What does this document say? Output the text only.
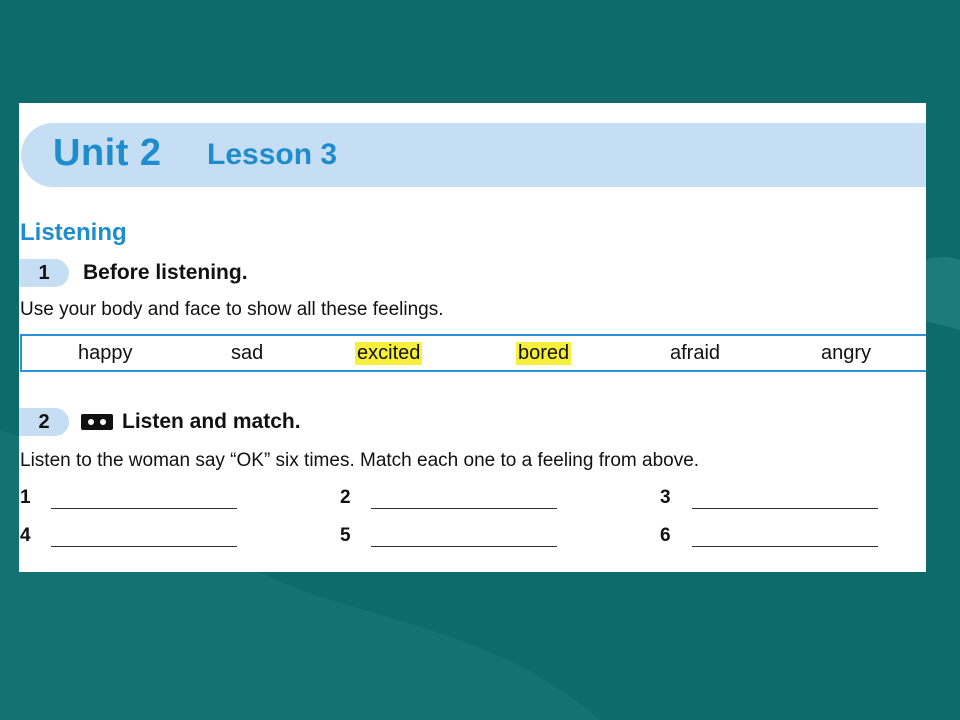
Unit 2 Lesson 3
Listening
1	Before listening.
Use your body and face to show all these feelings.
happy	sad	excited	bored	afraid	angry
2	Listen and match.
Listen to the woman say “OK” six times. Match each one to a feeling from above.
1	2	3
4	5	6
